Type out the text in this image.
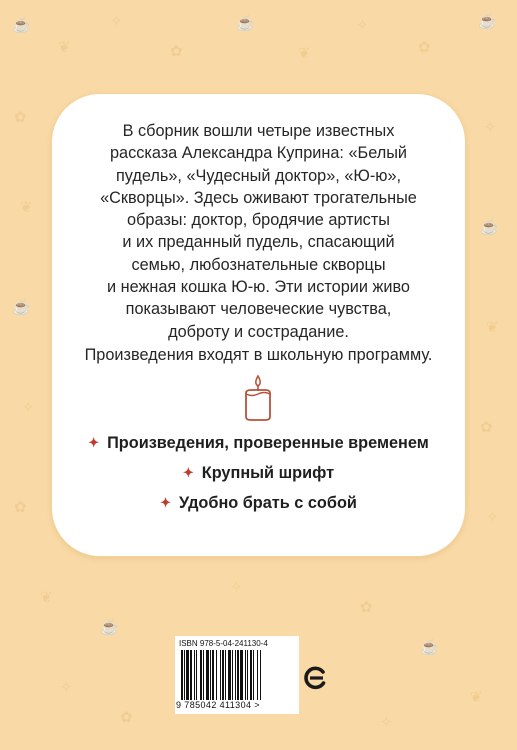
☕
❦
✧
✿
☕
❦
✧
✿
☕
✿
❦
☕
✧
✿
✧
☕
❦
✿
✧
❦
☕
✧
✿
✿
☕
❦
✧
✧
В сборник вошли четыре известных
рассказа Александра Куприна: «Белый
пудель», «Чудесный доктор», «Ю-ю»,
«Скворцы». Здесь оживают трогательные
образы: доктор, бродячие артисты
и их преданный пудель, спасающий
семью, любознательные скворцы
и нежная кошка Ю-ю. Эти истории живо
показывают человеческие чувства,
доброту и сострадание.
Произведения входят в школьную программу.
✦ Произведения, проверенные временем
✦ Крупный шрифт
✦ Удобно брать с собой
ISBN 978-5-04-241130-4
9 785042 411304 >
